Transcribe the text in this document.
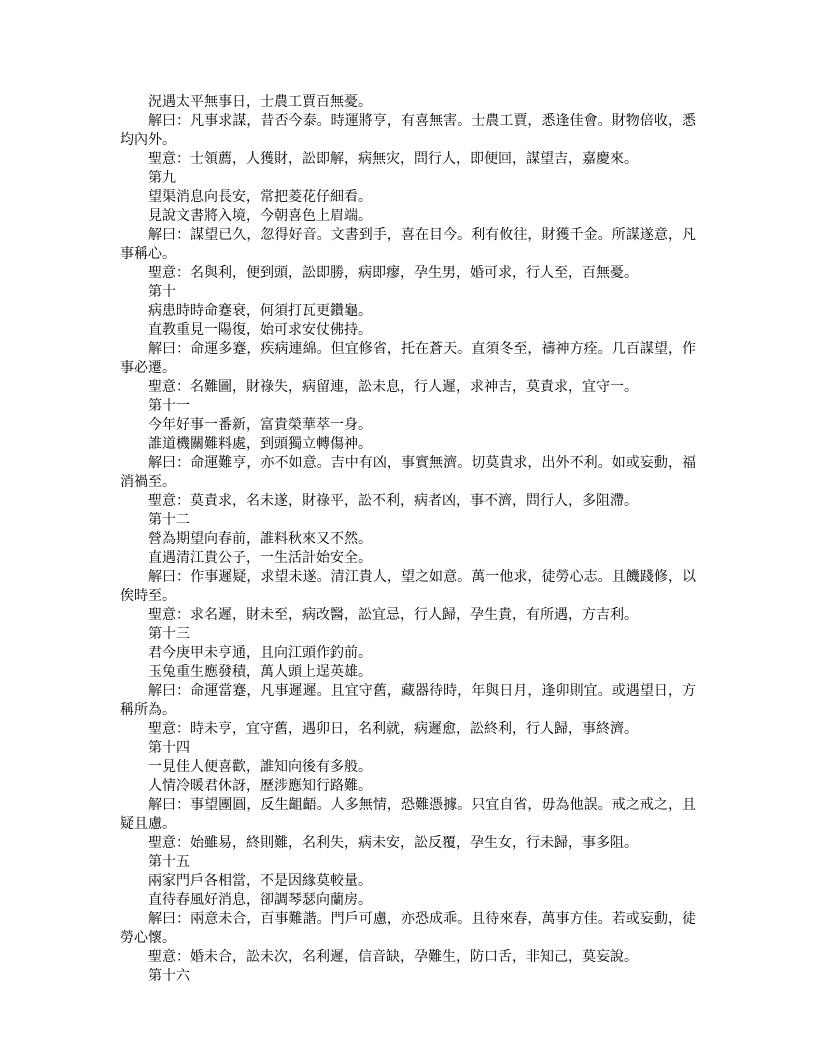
況遇太平無事日，士農工賈百無憂。

解曰：凡事求謀，昔否今泰。時運將亨，有喜無害。士農工賈，悉逢佳會。財物倍收，悉均內外。

聖意：士領薦，人獲財，訟即解，病無灾，問行人，即便回，謀望吉，嘉慶來。

第九

望渠消息向長安，常把菱花仔細看。

見說文書將入境，今朝喜色上眉端。

解曰：謀望已久，忽得好音。文書到手，喜在目今。利有攸往，財獲千金。所謀遂意，凡事稱心。

聖意：名與利，便到頭，訟即勝，病即瘳，孕生男，婚可求，行人至，百無憂。

第十

病患時時命蹇衰，何須打瓦更鑽龜。

直教重見一陽復，始可求安仗佛持。

解曰：命運多蹇，疾病連綿。但宜修省，托在蒼天。直須冬至，禱神方痊。几百謀望，作事必遷。

聖意：名難圖，財祿失，病留連，訟未息，行人遲，求神吉，莫責求，宜守一。

第十一

今年好事一番新，富貴榮華萃一身。

誰道機關難料處，到頭獨立轉傷神。

解曰：命運難亨，亦不如意。吉中有凶，事實無濟。切莫貴求，出外不利。如或妄動，福消禍至。

聖意：莫責求，名未遂，財祿平，訟不利，病者凶，事不濟，問行人，多阻滯。

第十二

營為期望向春前，誰料秋來又不然。

直遇清江貴公子，一生活計始安全。

解曰：作事遲疑，求望未遂。清江貴人，望之如意。萬一他求，徒勞心志。且饑踐修，以俟時至。

聖意：求名遲，財未至，病改醫，訟宜忌，行人歸，孕生貴，有所遇，方吉利。

第十三

君今庚甲未亨通，且向江頭作釣前。

玉兔重生應發積，萬人頭上逞英雄。

解曰：命運當蹇，凡事遲遲。且宜守舊，藏器待時，年與日月，逢卯則宜。或遇望日，方稱所為。

聖意：時未亨，宜守舊，遇卯日，名利就，病遲愈，訟終利，行人歸，事終濟。

第十四

一見佳人便喜歡，誰知向後有多般。

人情冷暖君休訝，歷涉應知行路難。

解曰：事望團圓，反生齟齬。人多無情，恐難憑據。只宜自省，毋為他誤。戒之戒之，且疑且慮。

聖意：始雖易，終則難，名利失，病未安，訟反覆，孕生女，行未歸，事多阻。

第十五

兩家門戶各相當，不是因緣莫較量。

直待春風好消息，卻調琴瑟向蘭房。

解曰：兩意未合，百事難諧。門戶可慮，亦恐成乖。且待來春，萬事方佳。若或妄動，徒勞心懷。

聖意：婚未合，訟未次，名利遲，信音缺，孕難生，防口舌，非知己，莫妄說。

第十六
